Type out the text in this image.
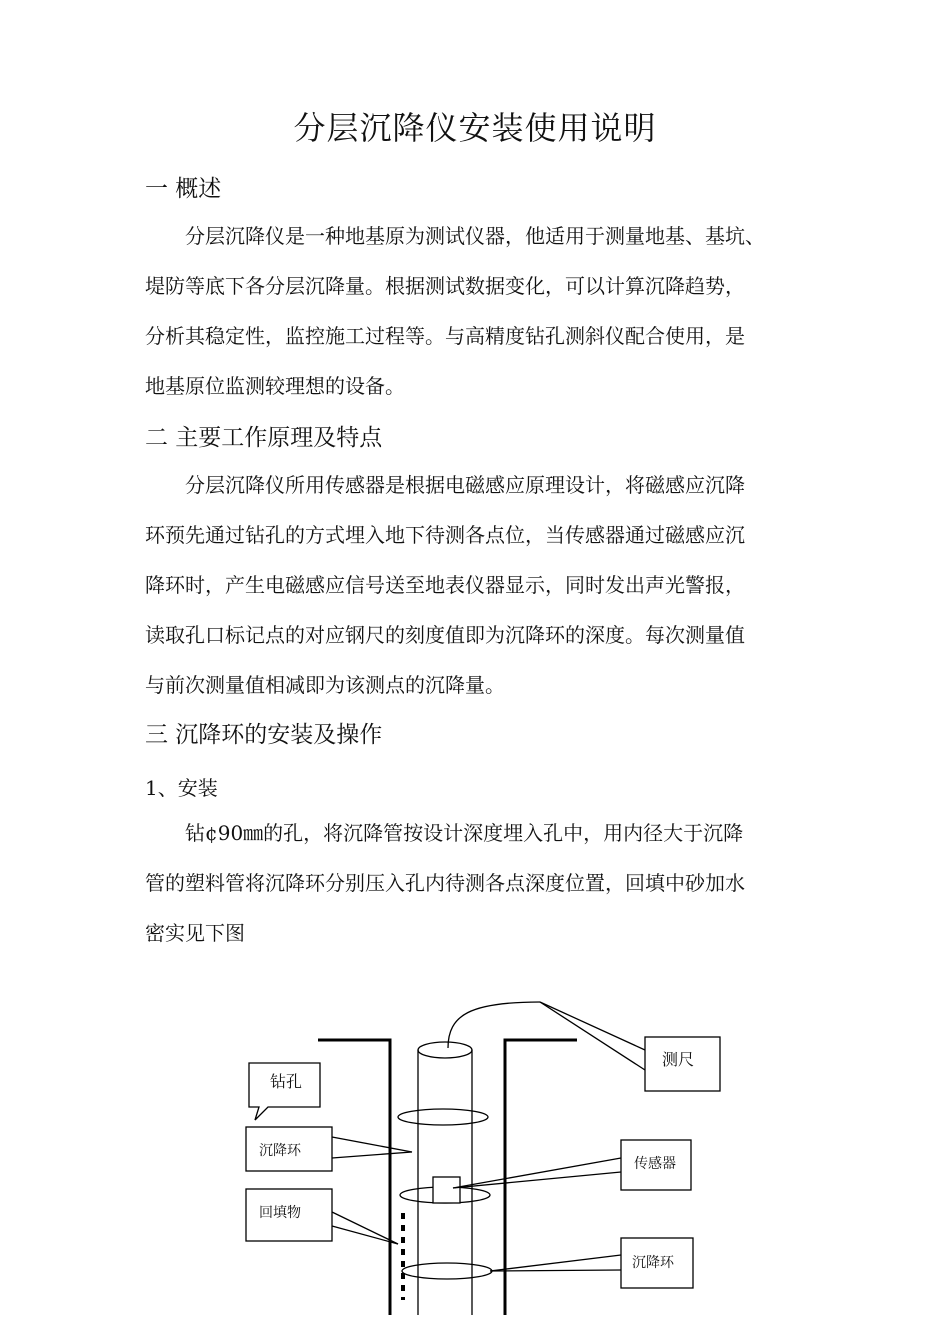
分层沉降仪安装使用说明
一 概述
分层沉降仪是一种地基原为测试仪器，他适用于测量地基、基坑、
堤防等底下各分层沉降量。根据测试数据变化，可以计算沉降趋势，
分析其稳定性，监控施工过程等。与高精度钻孔测斜仪配合使用，是
地基原位监测较理想的设备。
二 主要工作原理及特点
分层沉降仪所用传感器是根据电磁感应原理设计，将磁感应沉降
环预先通过钻孔的方式埋入地下待测各点位，当传感器通过磁感应沉
降环时，产生电磁感应信号送至地表仪器显示，同时发出声光警报，
读取孔口标记点的对应钢尺的刻度值即为沉降环的深度。每次测量值
与前次测量值相减即为该测点的沉降量。
三 沉降环的安装及操作
1、安装
钻¢90㎜的孔，将沉降管按设计深度埋入孔中，用内径大于沉降
管的塑料管将沉降环分别压入孔内待测各点深度位置，回填中砂加水
密实见下图
钻孔
沉降环
回填物
测尺
传感器
沉降环
